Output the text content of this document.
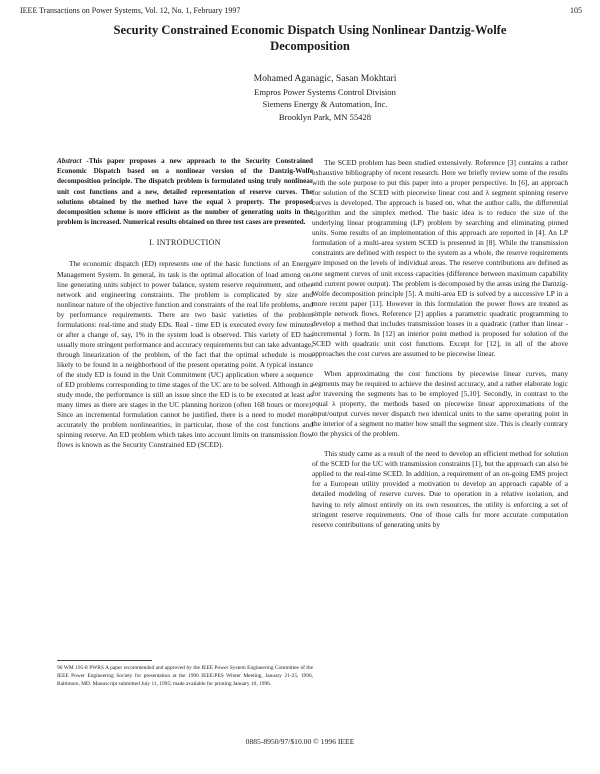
IEEE Transactions on Power Systems, Vol. 12, No. 1, February 1997	105
Security Constrained Economic Dispatch Using Nonlinear Dantzig-Wolfe
Decomposition
Mohamed Aganagic, Sasan Mokhtari
Empros Power Systems Control Division
Siemens Energy & Automation, Inc.
Brooklyn Park, MN 55428

Abstract -This paper proposes a new approach to the Security Constrained Economic Dispatch based on a nonlinear version of the Dantzig-Wolfe decomposition principle. The dispatch problem is formulated using truly nonlinear unit cost functions and a new, detailed representation of reserve curves. The solutions obtained by the method have the equal λ property. The proposed decomposition scheme is more efficient as the number of generating units in the problem is increased. Numerical results obtained on three test cases are presented.

I. INTRODUCTION

The economic dispatch (ED) represents one of the basic functions of an Energy Management System. In general, its task is the optimal allocation of load among on-line generating units subject to power balance, system reserve requirement, and other network and engineering constraints. The problem is complicated by size and nonlinear nature of the objective function and constraints of the real life problems, and by performance requirements. There are two basic varieties of the problem formulations: real-time and study EDs. Real - time ED is executed every few minutes or after a change of, say, 1% in the system load is observed. This variety of ED has usually more stringent performance and accuracy requirements but can take advantage, through linearization of the problem, of the fact that the optimal schedule is most likely to be found in a neighborhood of the present operating point. A typical instance of the study ED is found in the Unit Commitment (UC) application where a sequence of ED problems corresponding to time stages of the UC are to be solved. Although in a study mode, the performance is still an issue since the ED is to be executed at least as many times as there are stages in the UC planning horizon (often 168 hours or more). Since an incremental formulation cannot be justified, there is a need to model more accurately the problem nonlinearities, in particular, those of the cost functions and spinning reserve. An ED problem which takes into account limits on transmission flow flows is known as the Security Constrained ED (SCED).

96 WM 195-8 PWRS A paper recommended and approved by the IEEE Power System Engineering Committee of the IEEE Power Engineering Society for presentation at the 1996 IEEE/PES Winter Meeting, January 21-25, 1996, Baltimore, MD. Manuscript submitted July 11, 1995; made available for printing January 10, 1996.

The SCED problem has been studied extensively. Reference [3] contains a rather exhaustive bibliography of recent research. Here we briefly review some of the results with the sole purpose to put this paper into a proper perspective. In [6], an approach for solution of the SCED with piecewise linear cost and λ segment spinning reserve curves is developed. The approach is based on, what the author calls, the differential algorithm and the simplex method. The basic idea is to reduce the size of the underlying linear programming (LP) problem by searching and eliminating pinned units. Some results of an implementation of this approach are reported in [4]. An LP formulation of a multi-area system SCED is presented in [8]. While the transmission constraints are defined with respect to the system as a whole, the reserve requirements are imposed on the levels of individual areas. The reserve contributions are defined as one segment curves of unit excess capacities (difference between maximum capability and current power output). The problem is decomposed by the areas using the Dantzig-Wolfe decomposition principle [5]. A multi-area ED is solved by a successive LP in a more recent paper [11]. However in this formulation the power flows are treated as simple network flows. Reference [2] applies a parametric quadratic programming to develop a method that includes transmission losses in a quadratic (rather than linear - incremental ) form. In [12] an interior point method is proposed for solution of the SCED with quadratic unit cost functions. Except for [12], in all of the above approaches the cost curves are assumed to be piecewise linear.

When approximating the cost functions by piecewise linear curves, many segments may be required to achieve the desired accuracy, and a rather elaborate logic for traversing the segments has to be employed [5,10]. Secondly, in contrast to the equal λ property, the methods based on piecewise linear approximations of the input/output curves never dispatch two identical units to the same operating point in the interior of a segment no matter how small the segment size. This is clearly contrary to the physics of the problem.

This study came as a result of the need to develop an efficient method for solution of the SCED for the UC with transmission constraints [1], but the approach can also be applied to the real-time SCED. In addition, a requirement of an on-going EMS project for a European utility provided a motivation to develop an approach capable of a detailed modeling of reserve curves. Due to operation in a relative isolation, and having to rely almost entirely on its own resources, the utility is enforcing a set of stringent reserve requirements. One of those calls for more accurate computation reserve contributions of generating units by

0885-8950/97/$10.00 © 1996 IEEE
